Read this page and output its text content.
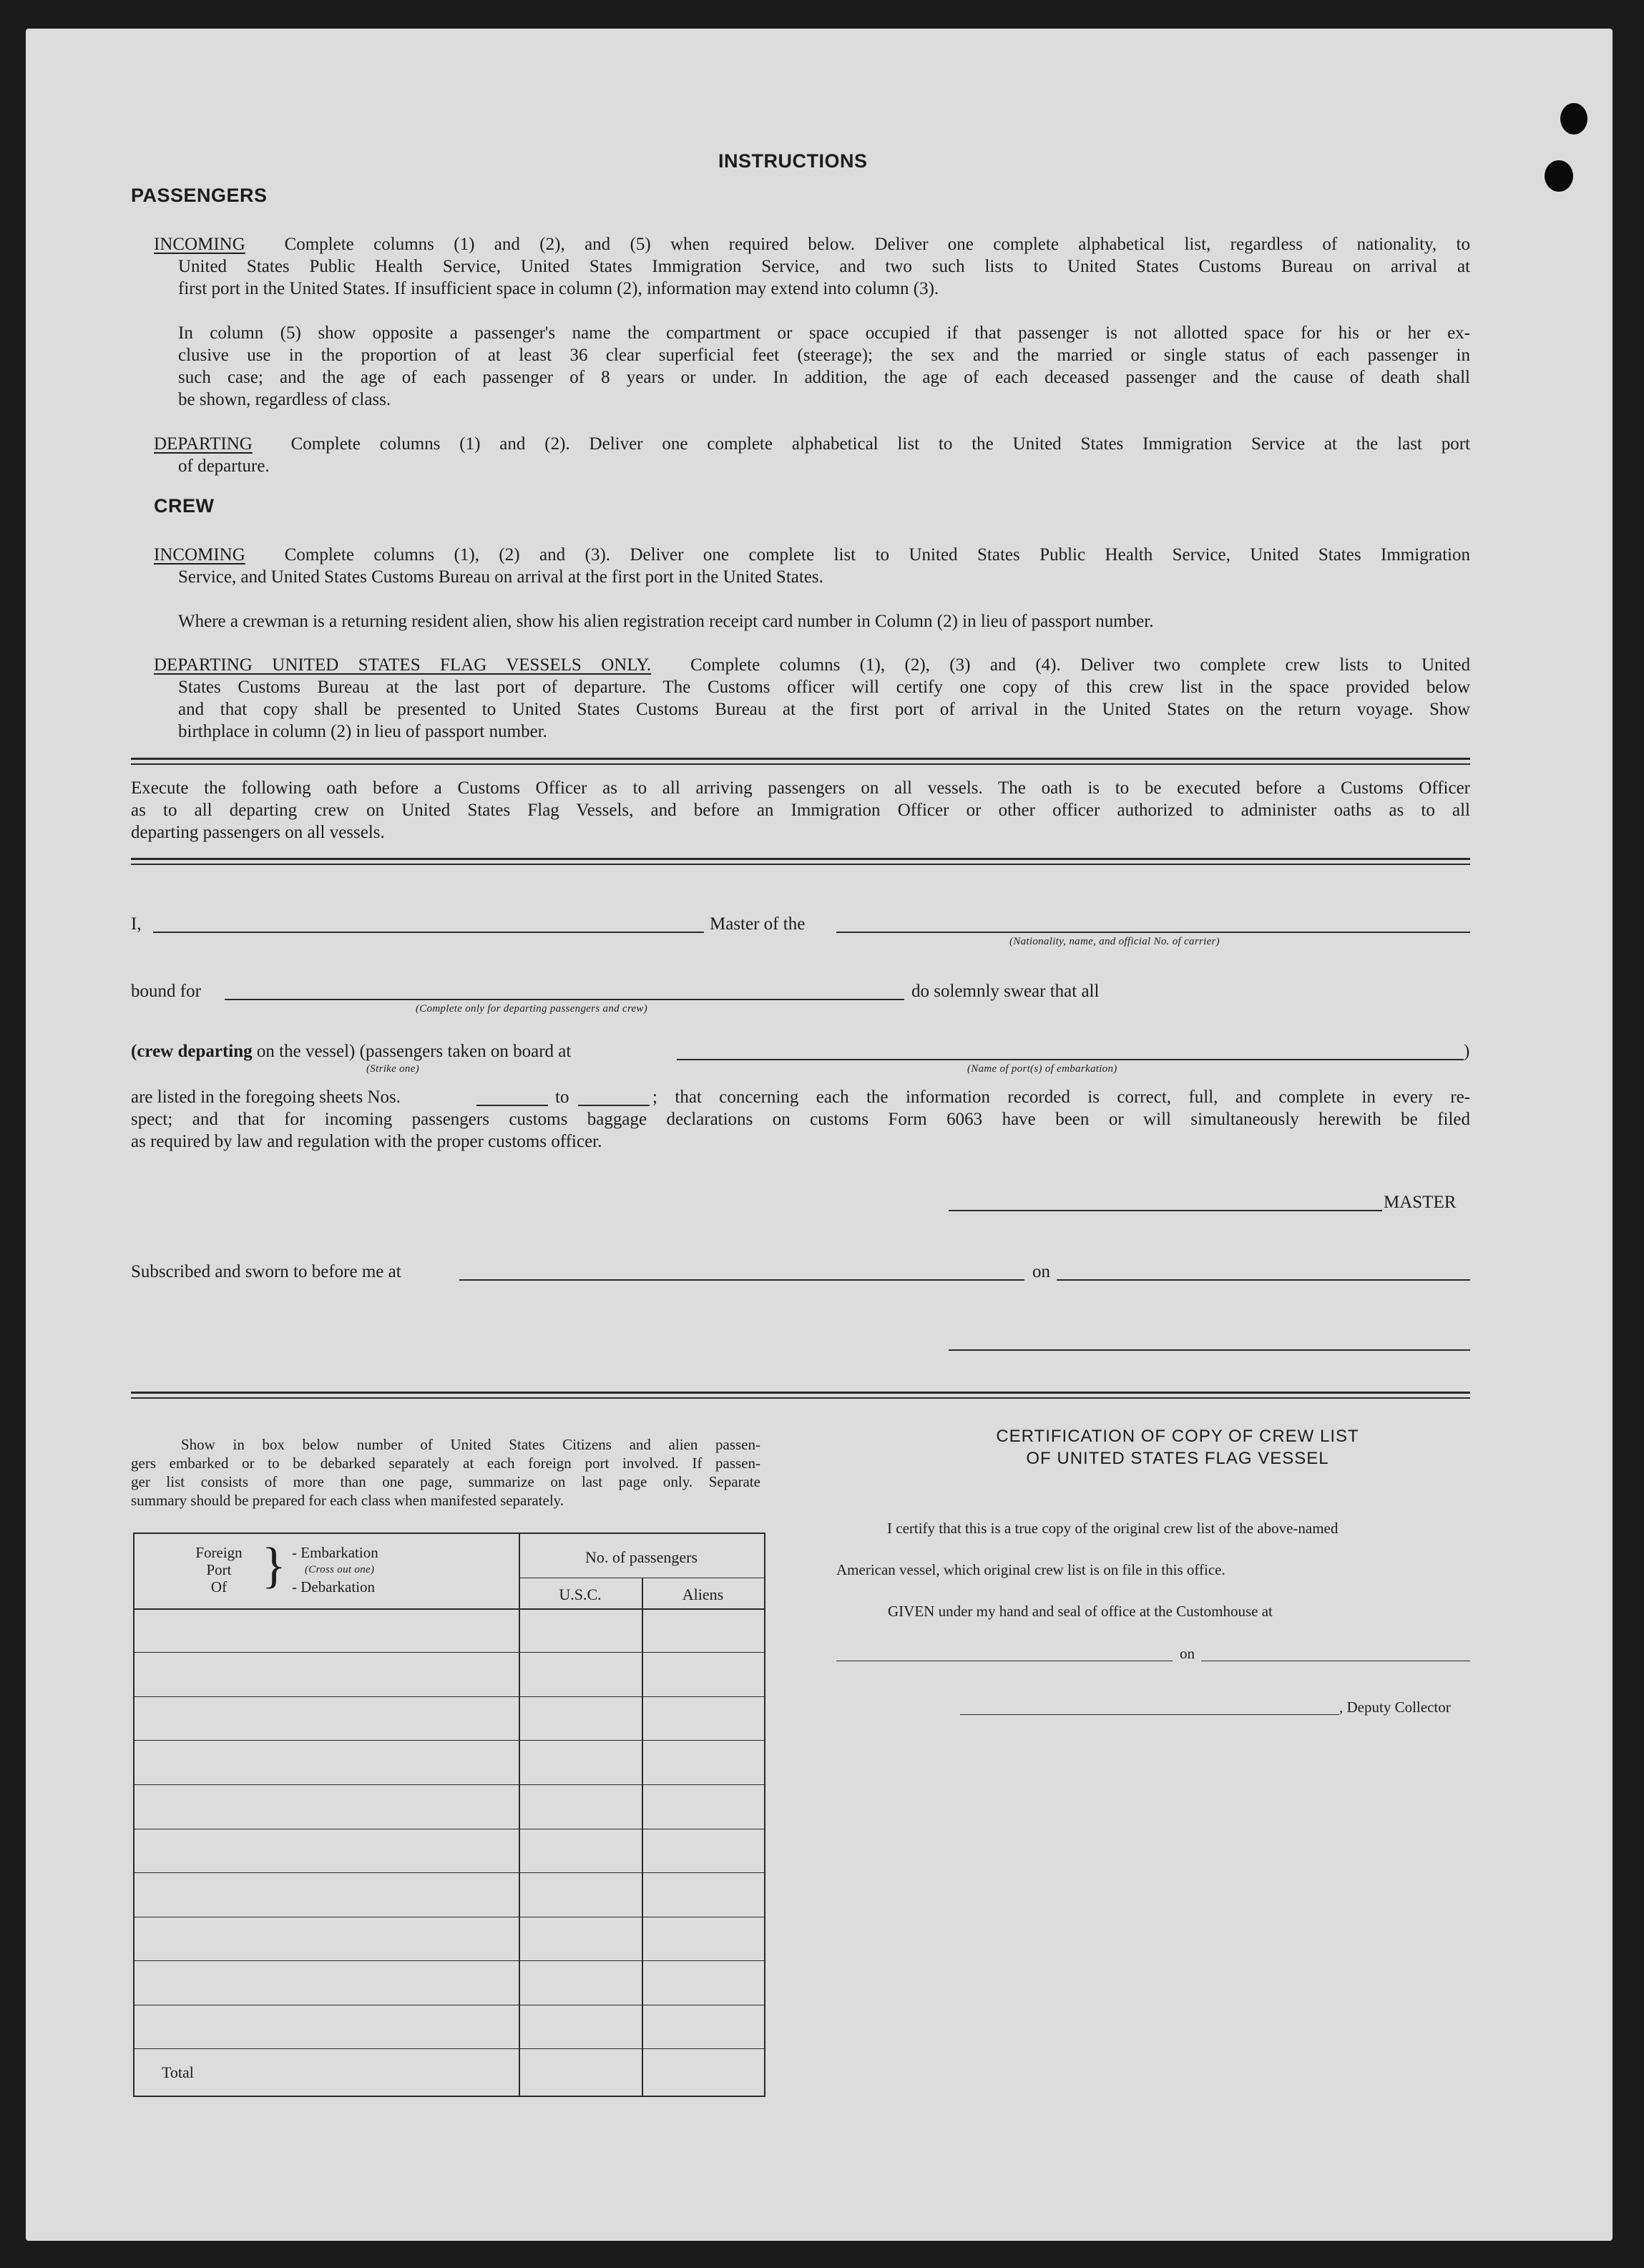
INSTRUCTIONS
PASSENGERS
INCOMING Complete columns (1) and (2), and (5) when required below. Deliver one complete alphabetical list, regardless of nationality, to
United States Public Health Service, United States Immigration Service, and two such lists to United States Customs Bureau on arrival at
first port in the United States. If insufficient space in column (2), information may extend into column (3).
In column (5) show opposite a passenger's name the compartment or space occupied if that passenger is not allotted space for his or her ex-
clusive use in the proportion of at least 36 clear superficial feet (steerage); the sex and the married or single status of each passenger in
such case; and the age of each passenger of 8 years or under. In addition, the age of each deceased passenger and the cause of death shall
be shown, regardless of class.
DEPARTING Complete columns (1) and (2). Deliver one complete alphabetical list to the United States Immigration Service at the last port
of departure.
CREW
INCOMING Complete columns (1), (2) and (3). Deliver one complete list to United States Public Health Service, United States Immigration
Service, and United States Customs Bureau on arrival at the first port in the United States.
Where a crewman is a returning resident alien, show his alien registration receipt card number in Column (2) in lieu of passport number.
DEPARTING UNITED STATES FLAG VESSELS ONLY. Complete columns (1), (2), (3) and (4). Deliver two complete crew lists to United
States Customs Bureau at the last port of departure. The Customs officer will certify one copy of this crew list in the space provided below
and that copy shall be presented to United States Customs Bureau at the first port of arrival in the United States on the return voyage. Show
birthplace in column (2) in lieu of passport number.
Execute the following oath before a Customs Officer as to all arriving passengers on all vessels. The oath is to be executed before a Customs Officer
as to all departing crew on United States Flag Vessels, and before an Immigration Officer or other officer authorized to administer oaths as to all
departing passengers on all vessels.
I,	Master of the
(Nationality, name, and official No. of carrier)
bound for
(Complete only for departing passengers and crew)
do solemnly swear that all
(crew departing on the vessel) (passengers taken on board at
(Strike one)
)
(Name of port(s) of embarkation)
are listed in the foregoing sheets Nos.	to	; that concerning each the information recorded is correct, full, and complete in every re-
spect; and that for incoming passengers customs baggage declarations on customs Form 6063 have been or will simultaneously herewith be filed
as required by law and regulation with the proper customs officer.
MASTER
Subscribed and sworn to before me at	on
Show in box below number of United States Citizens and alien passen-
gers embarked or to be debarked separately at each foreign port involved. If passen-
ger list consists of more than one page, summarize on last page only. Separate
summary should be prepared for each class when manifested separately.
Foreign
Port
Of } - Embarkation
(Cross out one)
- Debarkation
No. of passengers
U.S.C.	Aliens
Total
CERTIFICATION OF COPY OF CREW LIST
OF UNITED STATES FLAG VESSEL
I certify that this is a true copy of the original crew list of the above-named
American vessel, which original crew list is on file in this office.
GIVEN under my hand and seal of office at the Customhouse at
on
, Deputy Collector
